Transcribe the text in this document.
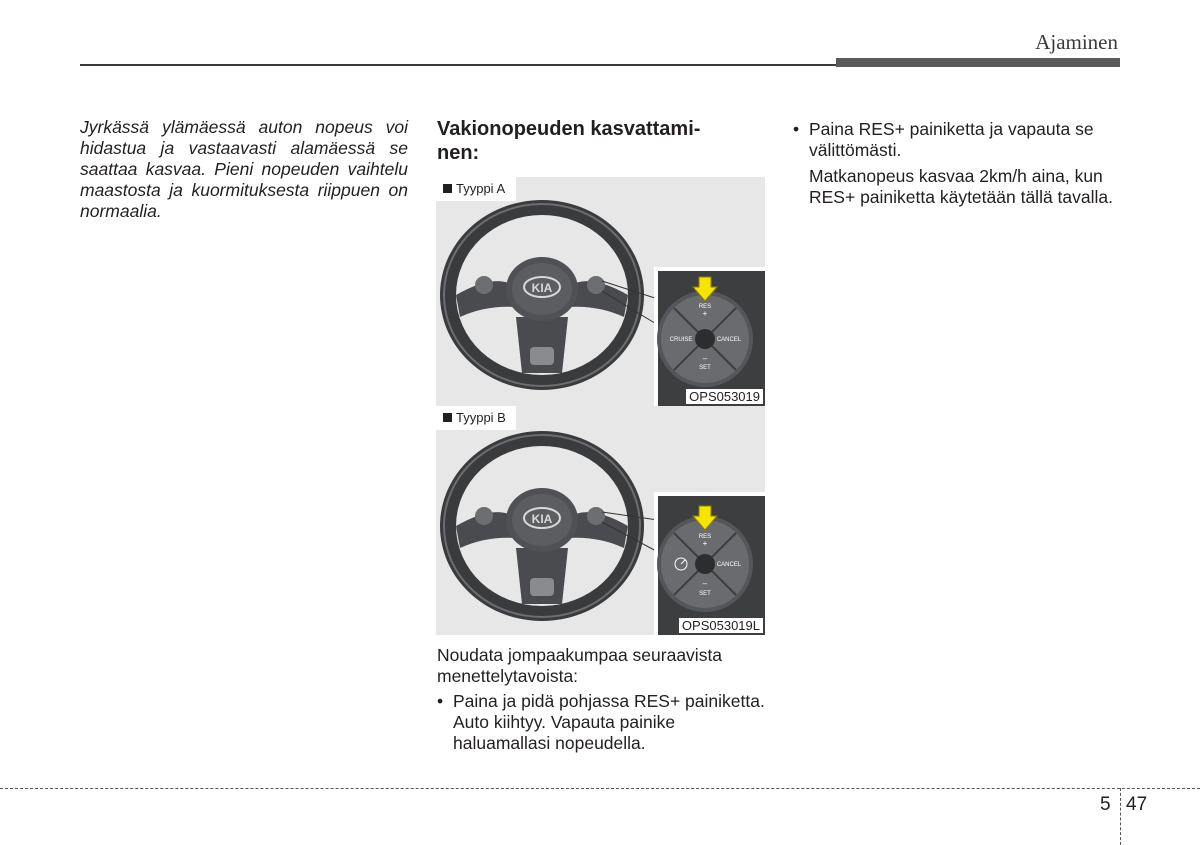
Ajaminen
Jyrkässä ylämäessä auton nopeus voi hidastua ja vastaavasti alamäessä se saattaa kasvaa. Pieni nopeuden vaihtelu maastosta ja kuormituksesta riippuen on normaalia.
Vakionopeuden kasvattami-
nen:
KIA
RES
+
CRUISE	CANCEL
–
SET
Tyyppi A
OPS053019
KIA
RES
+
CANCEL
–
SET
Tyyppi B
OPS053019L
Noudata jompaakumpaa seuraavista menettelytavoista:
• Paina ja pidä pohjassa RES+ painiketta. Auto kiihtyy. Vapauta painike haluamallasi nopeudella.
• Paina RES+ painiketta ja vapauta se välittömästi.
Matkanopeus kasvaa 2km/h aina, kun RES+ painiketta käytetään tällä tavalla.
5 47
